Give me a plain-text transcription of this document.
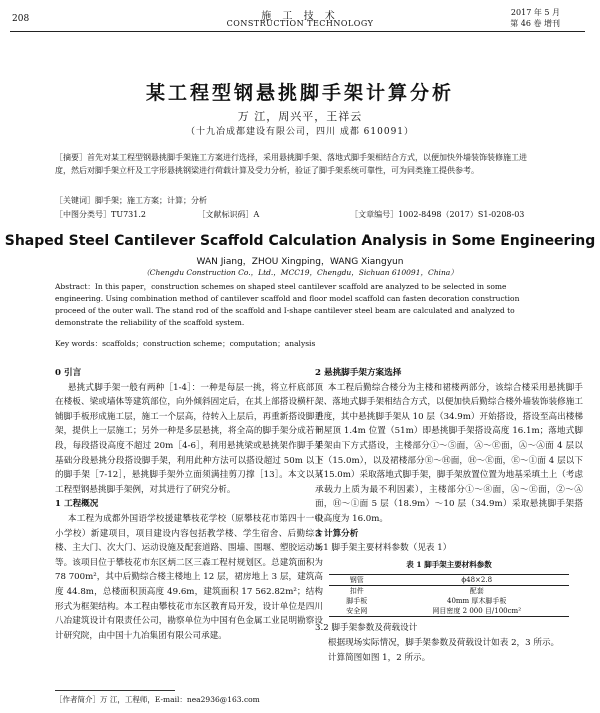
208	施 工 技 术
CONSTRUCTION TECHNOLOGY
2017 年 5 月
第 46 卷 增刊
某工程型钢悬挑脚手架计算分析
万 江，周兴平，王祥云
（十九冶成都建设有限公司，四川 成都 610091）
［摘要］首先对某工程型钢悬挑脚手架施工方案进行选择，采用悬挑脚手架、落地式脚手架相结合方式，以便加快外墙装饰装修施工进度，然后对脚手架立杆及工字形悬挑钢梁进行荷载计算及受力分析，验证了脚手架系统可靠性，可为同类施工提供参考。
［关键词］脚手架；施工方案；计算；分析
［中图分类号］TU731.2	［文献标识码］A	［文章编号］1002-8498（2017）S1-0208-03
Shaped Steel Cantilever Scaffold Calculation Analysis in Some Engineering
WAN Jiang，ZHOU Xingping，WANG Xiangyun
（Chengdu Construction Co.，Ltd.，MCC19，Chengdu，Sichuan 610091，China）
Abstract：In this paper，construction schemes on shaped steel cantilever scaffold are analyzed to be selected in some engineering. Using combination method of cantilever scaffold and floor model scaffold can fasten decoration construction proceed of the outer wall. The stand rod of the scaffold and I-shape cantilever steel beam are calculated and analyzed to demonstrate the reliability of the scaffold system.
Key words：scaffolds；construction scheme；computation；analysis
0 引言

悬挑式脚手架一般有两种［1-4］：一种是每层一挑，将立杆底部顶在楼板、梁或墙体等建筑部位，向外倾斜固定后，在其上部搭设横杆、铺脚手板形成施工层，施工一个层高，待转入上层后，再重新搭设脚手架，提供上一层施工；另外一种是多层悬挑，将全高的脚手架分成若干段，每段搭设高度不超过 20m［4-6］，利用悬挑梁或悬挑架作脚手架基础分段悬挑分段搭设脚手架，利用此种方法可以搭设超过 50m 以上的脚手架［7-12］，悬挑脚手架外立面须满挂剪刀撑［13］。本文以某工程型钢悬挑脚手架例，对其进行了研究分析。

1 工程概况

本工程为成都外国语学校援建攀枝花学校（原攀枝花市第四十一中小学校）新建项目，项目建设内容包括教学楼、学生宿舍、后勤综合楼、主大门、次大门、运动设施及配套道路、围墙、围堰、塑胶运动场等。该项目位于攀枝花市东区炳二区三森工程村规划区。总建筑面积为 78 700m²，其中后勤综合楼主楼地上 12 层，裙房地上 3 层，建筑高度 44.8m，总楼面积顶高度 49.6m，建筑面积 17 562.82m²；结构形式为框架结构。本工程由攀枝花市东区教育局开发，设计单位是四川八冶建筑设计有限责任公司，勘察单位为中国有色金属工业昆明勘察设计研究院，由中国十九冶集团有限公司承建。

2 悬挑脚手架方案选择

本工程后勤综合楼分为主楼和裙楼两部分，该综合楼采用悬挑脚手架、落地式脚手架相结合方式，以便加快后勤综合楼外墙装饰装修施工进度，其中悬挑脚手架从 10 层（34.9m）开始搭设，搭设至高出楼梯间屋顶 1.4m 位置（51m）即悬挑脚手架搭设高度 16.1m；落地式脚手架由下方式搭设，主楼部分①～⑤面，Ⓐ～Ⓔ面，Ⓐ～Ⓐ面 4 层以下（15.0m），以及裙楼部分Ⓔ～Ⓗ面，Ⓗ～Ⓔ面，Ⓔ～①面 4 层以下（15.0m）采取落地式脚手架，脚手架放置位置为地基采填土上（考虑承载力上质为最不利因素），主楼部分①～⑧面，Ⓐ～Ⓔ面，②～Ⓐ面，Ⓗ～①面 5 层（18.9m）～10 层（34.9m）采取悬挑脚手架搭设高度为 16.0m。

3 计算分析
3.1 脚手架主要材料参数（见表 1）
表 1 脚手架主要材料参数
钢管	ϕ48×2.8
扣件	配套
脚手板	40mm 厚木脚手板
安全网	网目密度 2 000 目/100cm²
3.2 脚手架参数及荷载设计

根据现场实际情况，脚手架参数及荷载设计如表 2，3 所示。

计算简图如图 1，2 所示。

［作者简介］万 江，工程师，E-mail：nea2936@163.com
